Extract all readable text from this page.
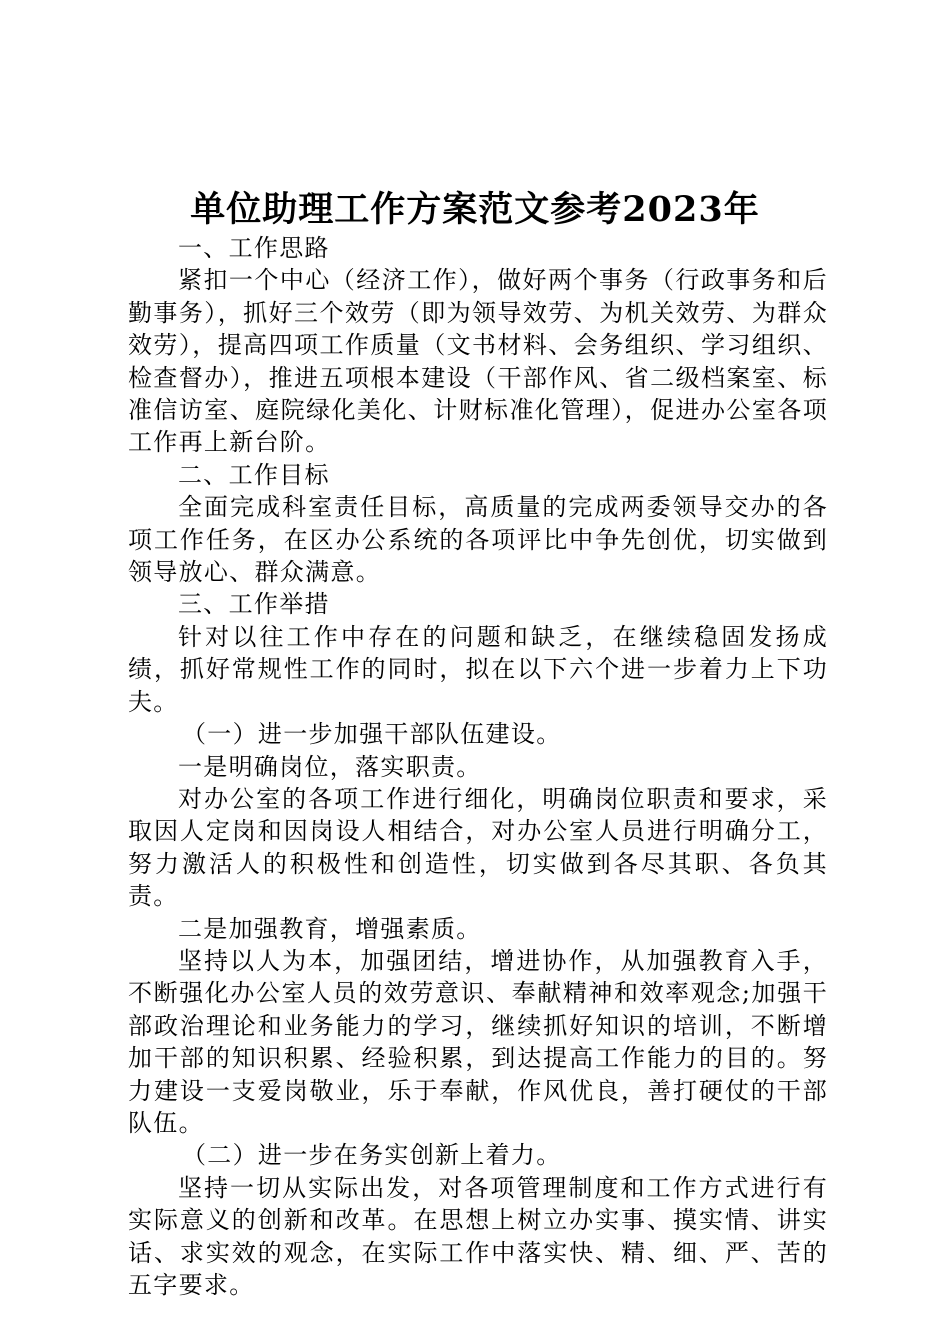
单位助理工作方案范文参考2023年

一、工作思路

紧扣一个中心（经济工作），做好两个事务（行政事务和后勤事务），抓好三个效劳（即为领导效劳、为机关效劳、为群众效劳），提高四项工作质量（文书材料、会务组织、学习组织、检查督办），推进五项根本建设（干部作风、省二级档案室、标准信访室、庭院绿化美化、计财标准化管理），促进办公室各项工作再上新台阶。

二、工作目标

全面完成科室责任目标，高质量的完成两委领导交办的各项工作任务，在区办公系统的各项评比中争先创优，切实做到领导放心、群众满意。

三、工作举措

针对以往工作中存在的问题和缺乏，在继续稳固发扬成绩，抓好常规性工作的同时，拟在以下六个进一步着力上下功夫。

（一）进一步加强干部队伍建设。

一是明确岗位，落实职责。

对办公室的各项工作进行细化，明确岗位职责和要求，采取因人定岗和因岗设人相结合，对办公室人员进行明确分工，努力激活人的积极性和创造性，切实做到各尽其职、各负其责。

二是加强教育，增强素质。

坚持以人为本，加强团结，增进协作，从加强教育入手，不断强化办公室人员的效劳意识、奉献精神和效率观念;加强干部政治理论和业务能力的学习，继续抓好知识的培训，不断增加干部的知识积累、经验积累，到达提高工作能力的目的。努力建设一支爱岗敬业，乐于奉献，作风优良，善打硬仗的干部队伍。

（二）进一步在务实创新上着力。

坚持一切从实际出发，对各项管理制度和工作方式进行有实际意义的创新和改革。在思想上树立办实事、摸实情、讲实话、求实效的观念，在实际工作中落实快、精、细、严、苦的五字要求。
